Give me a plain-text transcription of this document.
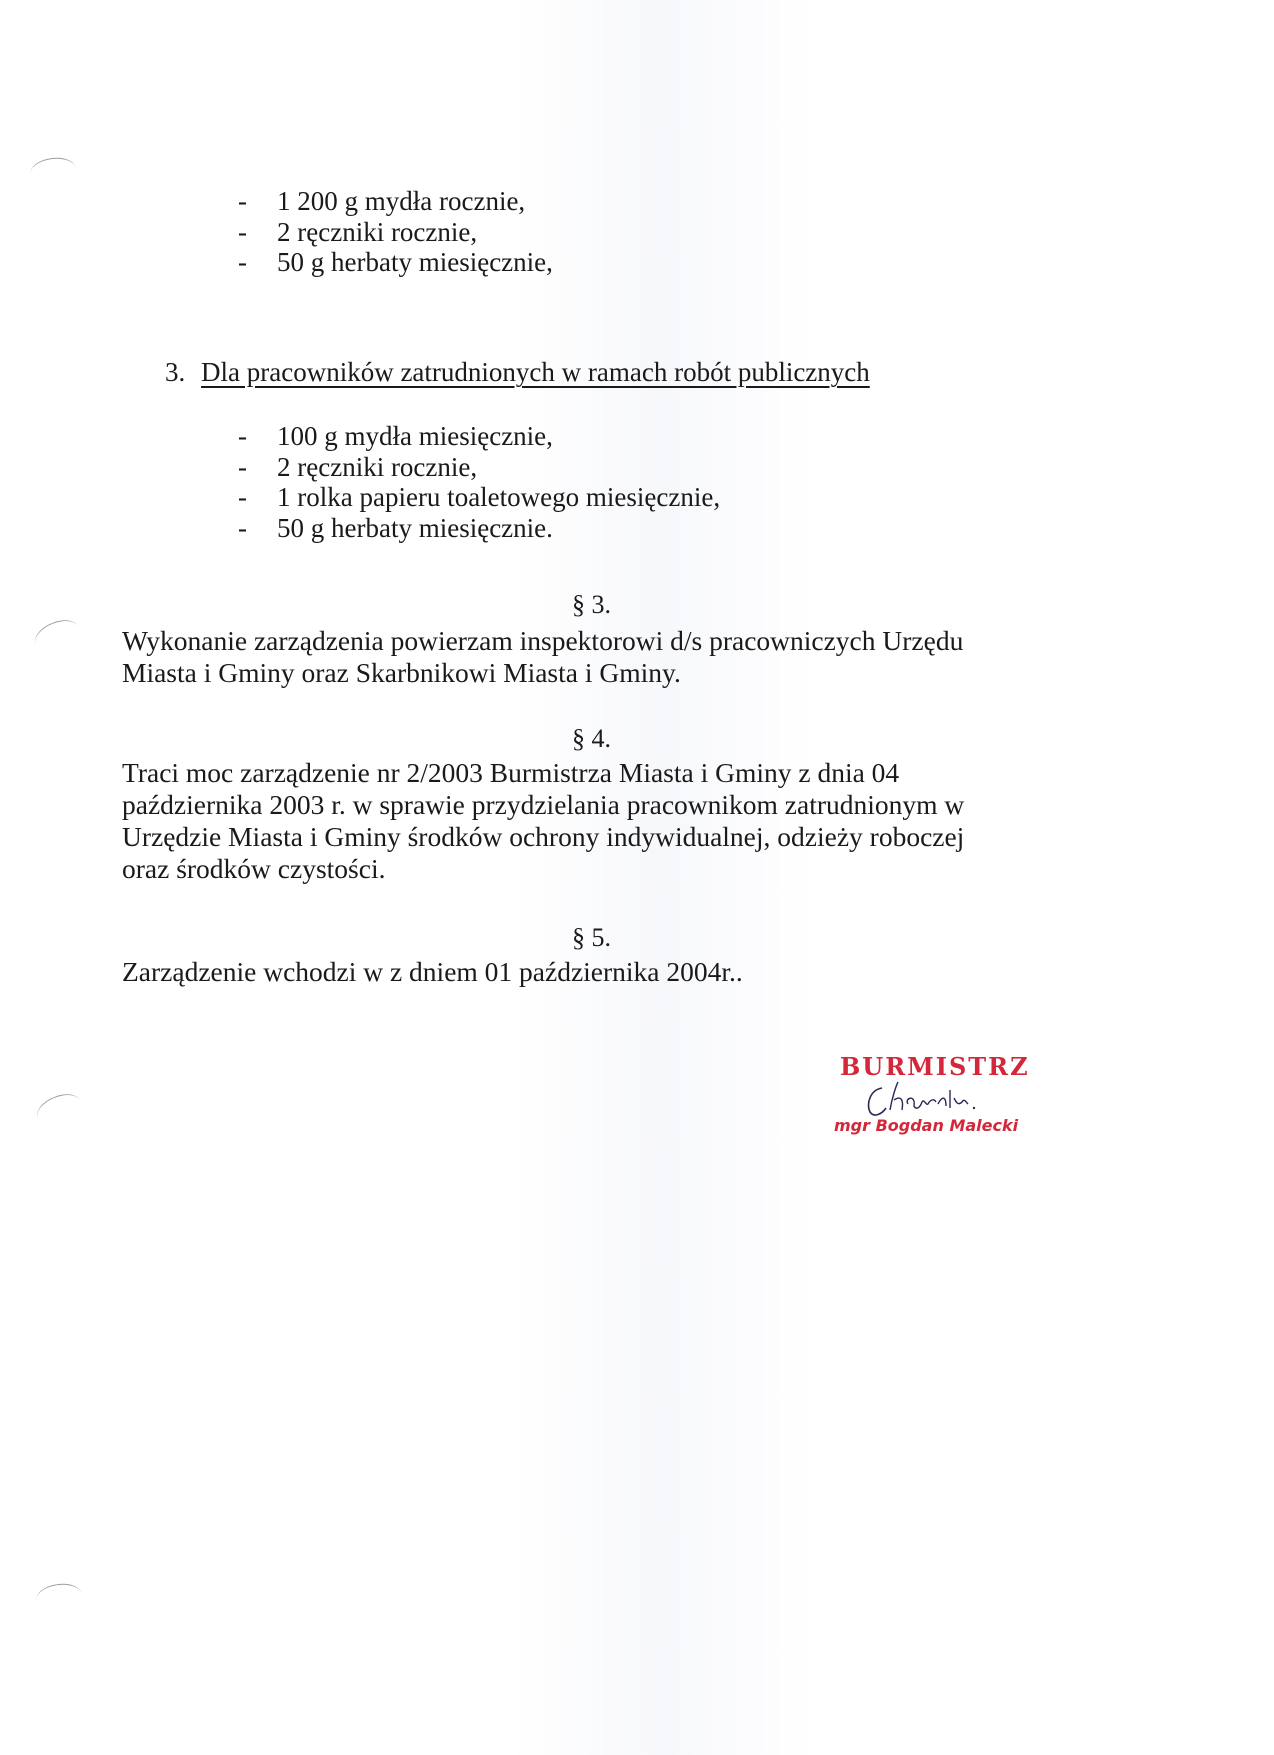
- 1 200 g mydła rocznie,
- 2 ręczniki rocznie,
- 50 g herbaty miesięcznie,
3. Dla pracowników zatrudnionych w ramach robót publicznych
- 100 g mydła miesięcznie,
- 2 ręczniki rocznie,
- 1 rolka papieru toaletowego miesięcznie,
- 50 g herbaty miesięcznie.
§ 3.
Wykonanie zarządzenia powierzam inspektorowi d/s pracowniczych Urzędu
Miasta i Gminy oraz Skarbnikowi Miasta i Gminy.
§ 4.
Traci moc zarządzenie nr 2/2003 Burmistrza Miasta i Gminy z dnia 04
października 2003 r. w sprawie przydzielania pracownikom zatrudnionym w
Urzędzie Miasta i Gminy środków ochrony indywidualnej, odzieży roboczej
oraz środków czystości.
§ 5.
Zarządzenie wchodzi w z dniem 01 października 2004r..
BURMISTRZ
mgr Bogdan Malecki
